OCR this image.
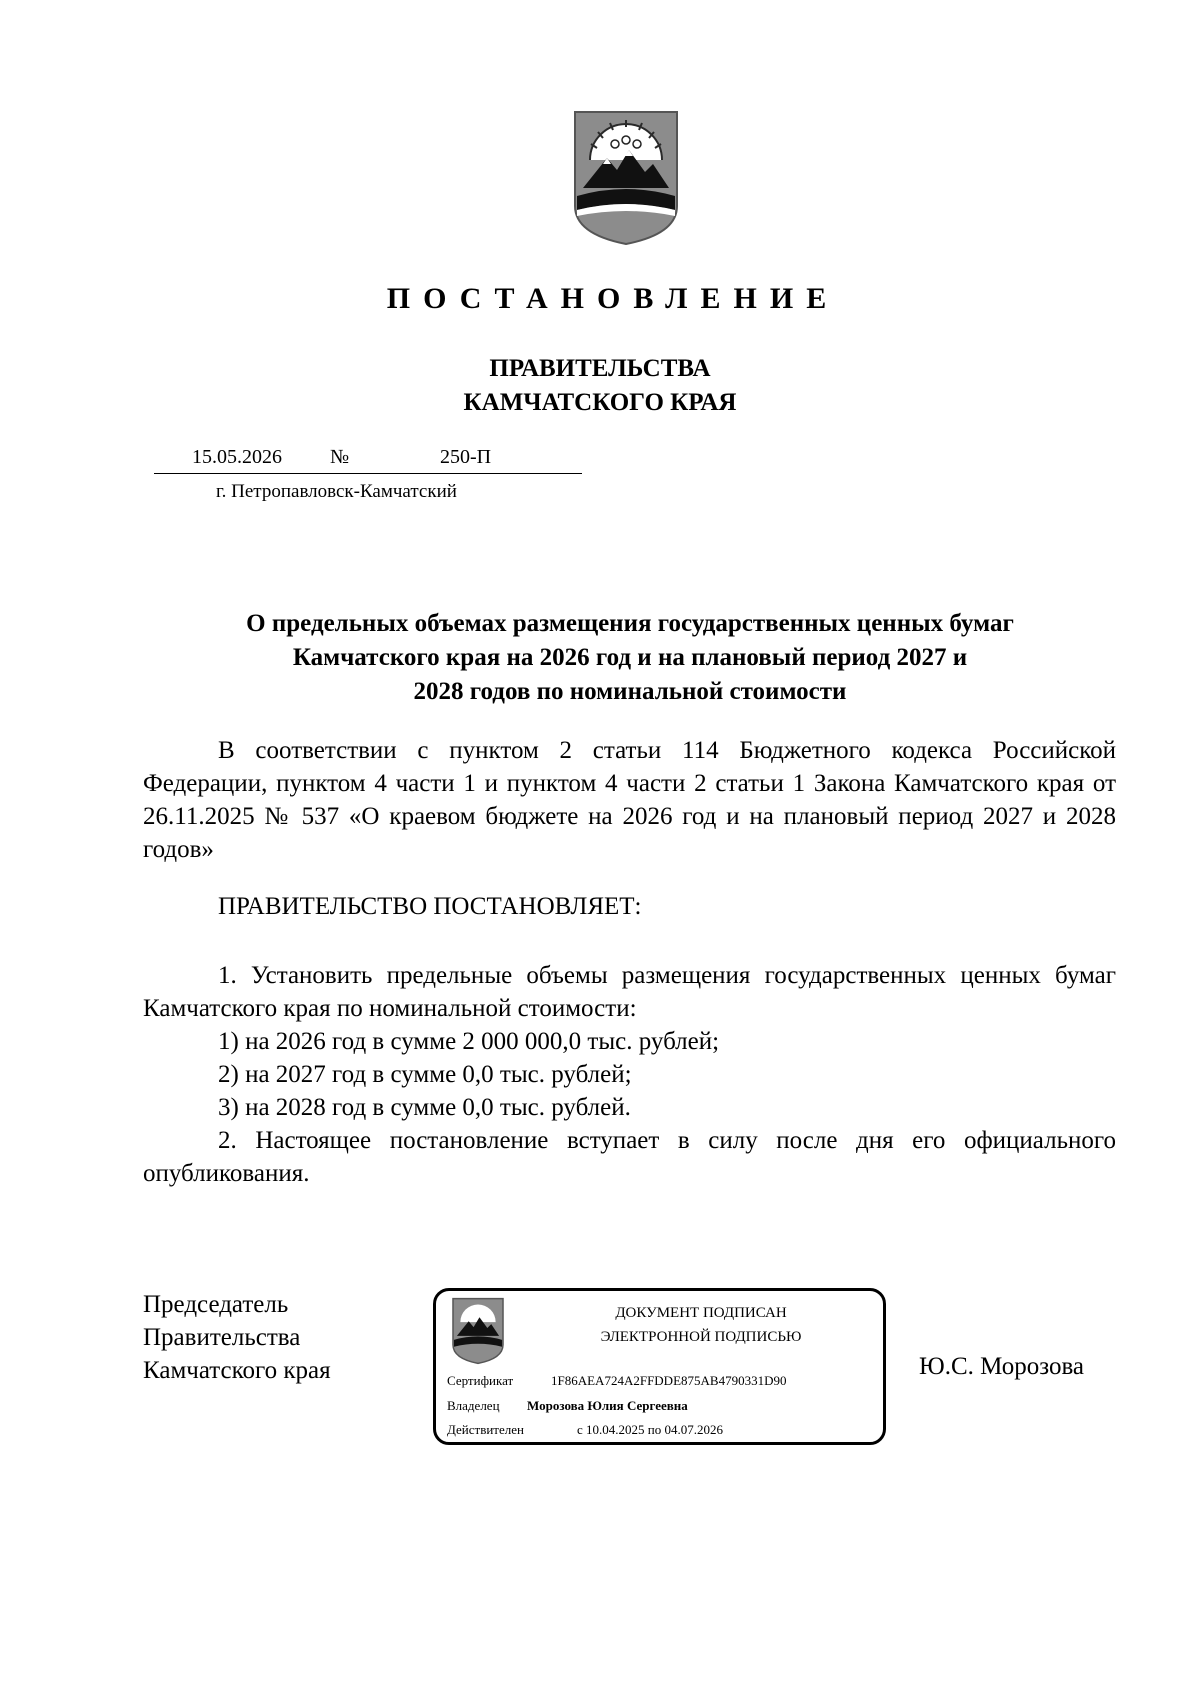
ПОСТАНОВЛЕНИЕ
ПРАВИТЕЛЬСТВА
КАМЧАТСКОГО КРАЯ
15.05.2026 №	250-П
г. Петропавловск-Камчатский
О предельных объемах размещения государственных ценных бумаг
Камчатского края на 2026 год и на плановый период 2027 и
2028 годов по номинальной стоимости

В соответствии с пунктом 2 статьи 114 Бюджетного кодекса Российской Федерации, пунктом 4 части 1 и пунктом 4 части 2 статьи 1 Закона Камчатского края от 26.11.2025 № 537 «О краевом бюджете на 2026 год и на плановый период 2027 и 2028 годов»

ПРАВИТЕЛЬСТВО ПОСТАНОВЛЯЕТ:

1. Установить предельные объемы размещения государственных ценных бумаг Камчатского края по номинальной стоимости:

1) на 2026 год в сумме 2 000 000,0 тыс. рублей;

2) на 2027 год в сумме 0,0 тыс. рублей;

3) на 2028 год в сумме 0,0 тыс. рублей.

2. Настоящее постановление вступает в силу после дня его официального опубликования.

Председатель
Правительства
Камчатского края
ДОКУМЕНТ ПОДПИСАН
ЭЛЕКТРОННОЙ ПОДПИСЬЮ
Сертификат	1F86AEA724A2FFDDE875AB4790331D90
Владелец Морозова Юлия Сергеевна
Действителен	с 10.04.2025 по 04.07.2026
Ю.С. Морозова
